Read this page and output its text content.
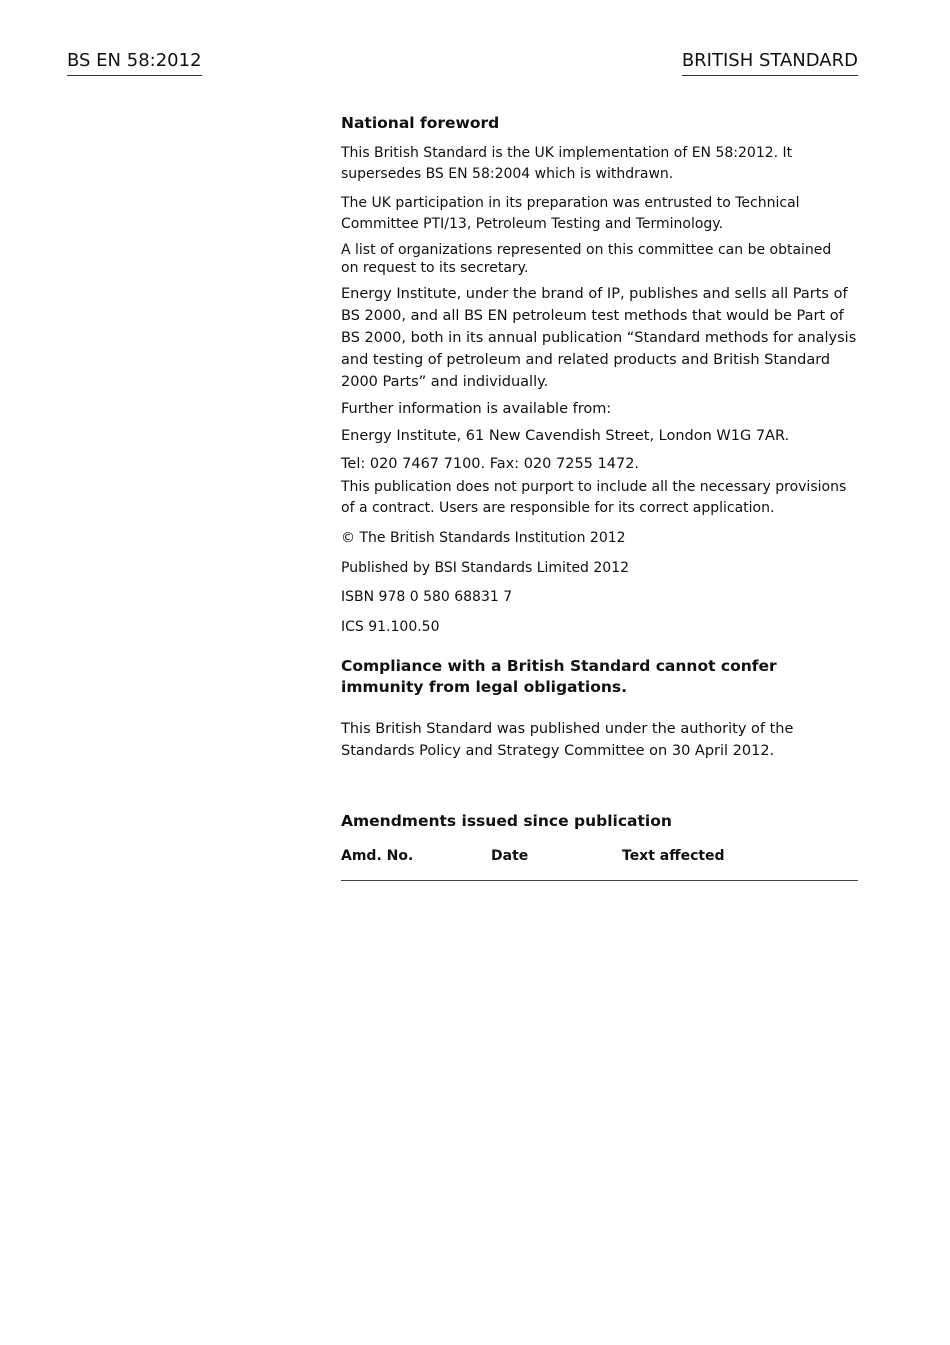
BS EN 58:2012	BRITISH STANDARD
National foreword

This British Standard is the UK implementation of EN 58:2012. It supersedes BS EN 58:2004 which is withdrawn.

The UK participation in its preparation was entrusted to Technical Committee PTI/13, Petroleum Testing and Terminology.

A list of organizations represented on this committee can be obtained
on request to its secretary.

Energy Institute, under the brand of IP, publishes and sells all Parts of BS 2000, and all BS EN petroleum test methods that would be Part of BS 2000, both in its annual publication “Standard methods for analysis and testing of petroleum and related products and British Standard 2000 Parts” and individually.

Further information is available from:

Energy Institute, 61 New Cavendish Street, London W1G 7AR.

Tel: 020 7467 7100. Fax: 020 7255 1472.

This publication does not purport to include all the necessary provisions of a contract. Users are responsible for its correct application.

© The British Standards Institution 2012

Published by BSI Standards Limited 2012

ISBN 978 0 580 68831 7

ICS 91.100.50

Compliance with a British Standard cannot confer immunity from legal obligations.

This British Standard was published under the authority of the Standards Policy and Strategy Committee on 30 April 2012.

Amendments issued since publication
Amd. No.	Date	Text affected
